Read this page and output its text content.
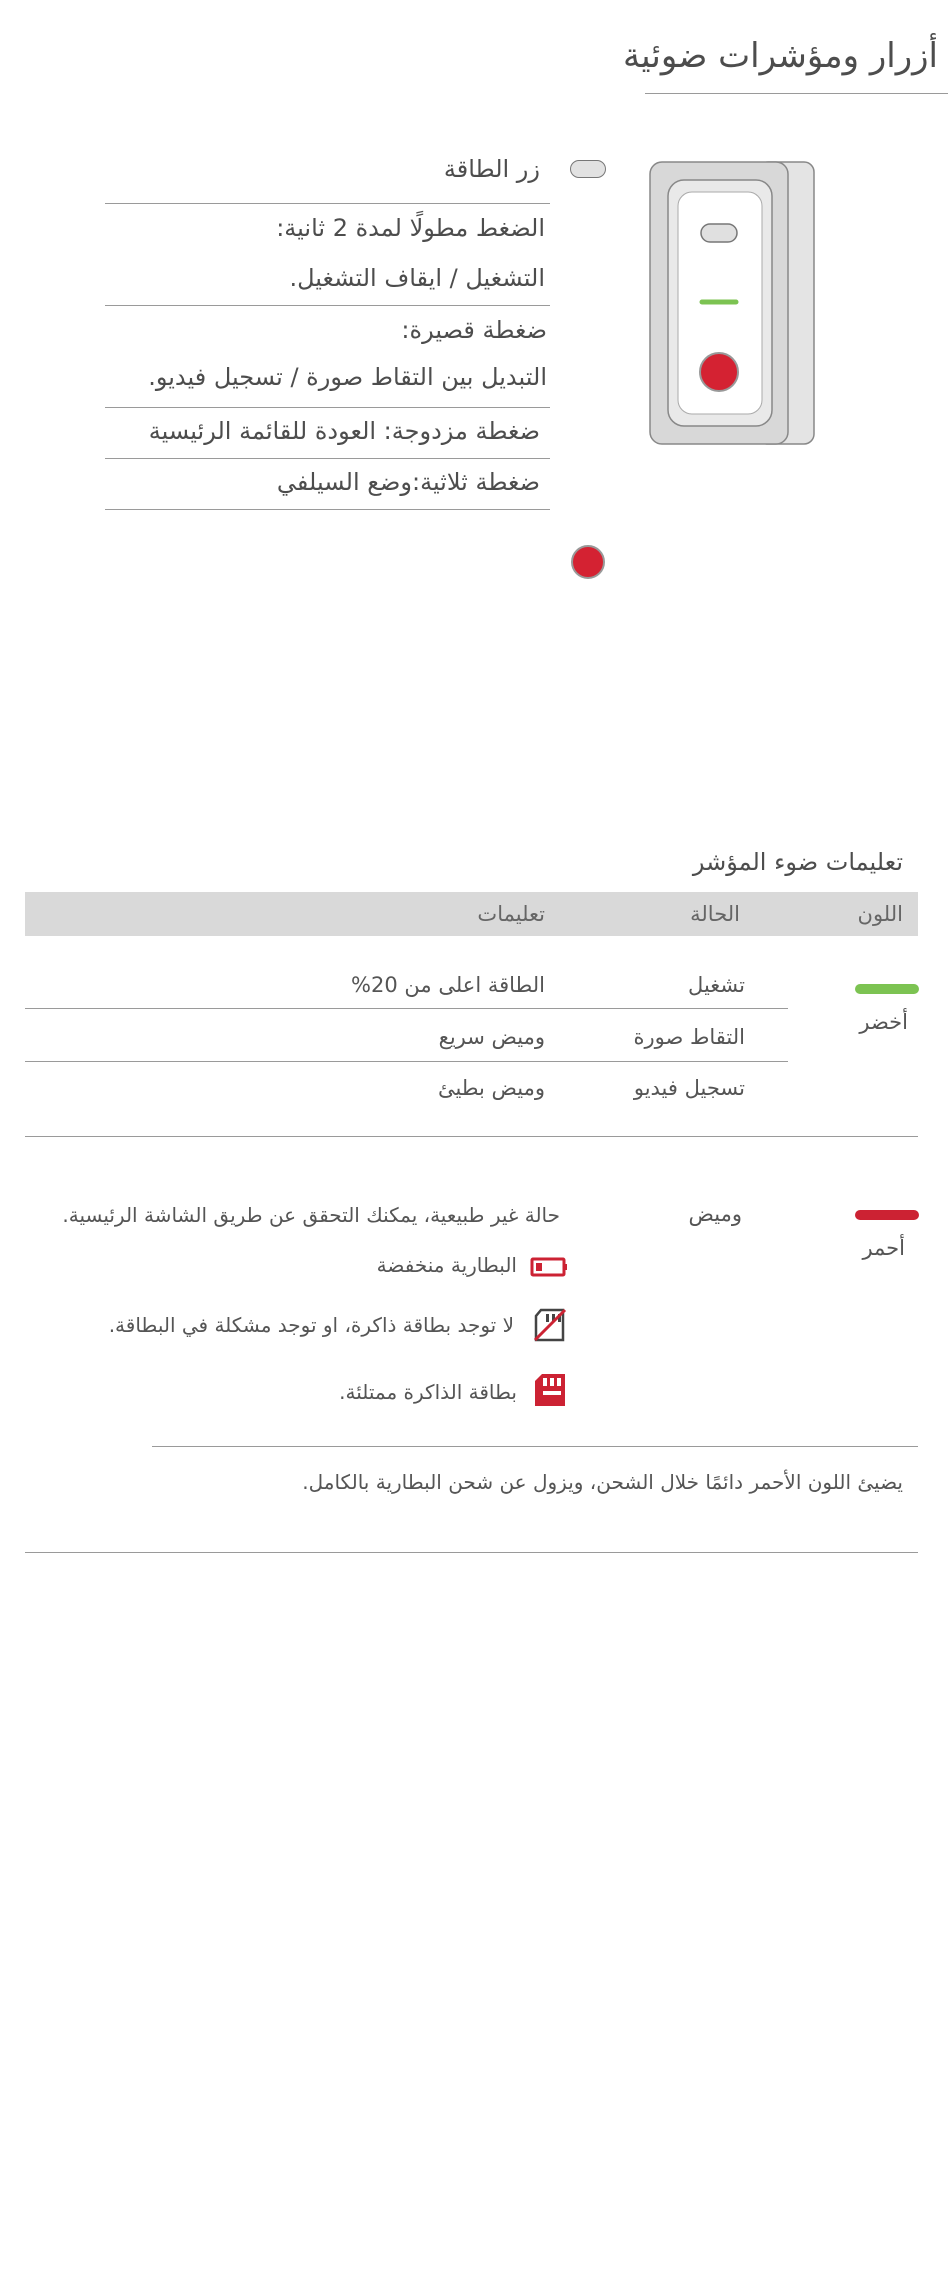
أزرار ومؤشرات ضوئية
زر الطاقة
الضغط مطولًا لمدة 2 ثانية:
التشغيل / ايقاف التشغيل.
ضغطة قصيرة:
التبديل بين التقاط صورة / تسجيل فيديو.
ضغطة مزدوجة: العودة للقائمة الرئيسية
ضغطة ثلاثية:وضع السيلفي
تعليمات ضوء المؤشر
اللون
الحالة
تعليمات
أخضر
تشغيل
الطاقة اعلى من 20%
التقاط صورة
وميض سريع
تسجيل فيديو
وميض بطيئ
أحمر
وميض
حالة غير طبيعية، يمكنك التحقق عن طريق الشاشة الرئيسية.
البطارية منخفضة
لا توجد بطاقة ذاكرة، او توجد مشكلة في البطاقة.
بطاقة الذاكرة ممتلئة.
يضيئ اللون الأحمر دائمًا خلال الشحن، ويزول عن شحن البطارية بالكامل.
